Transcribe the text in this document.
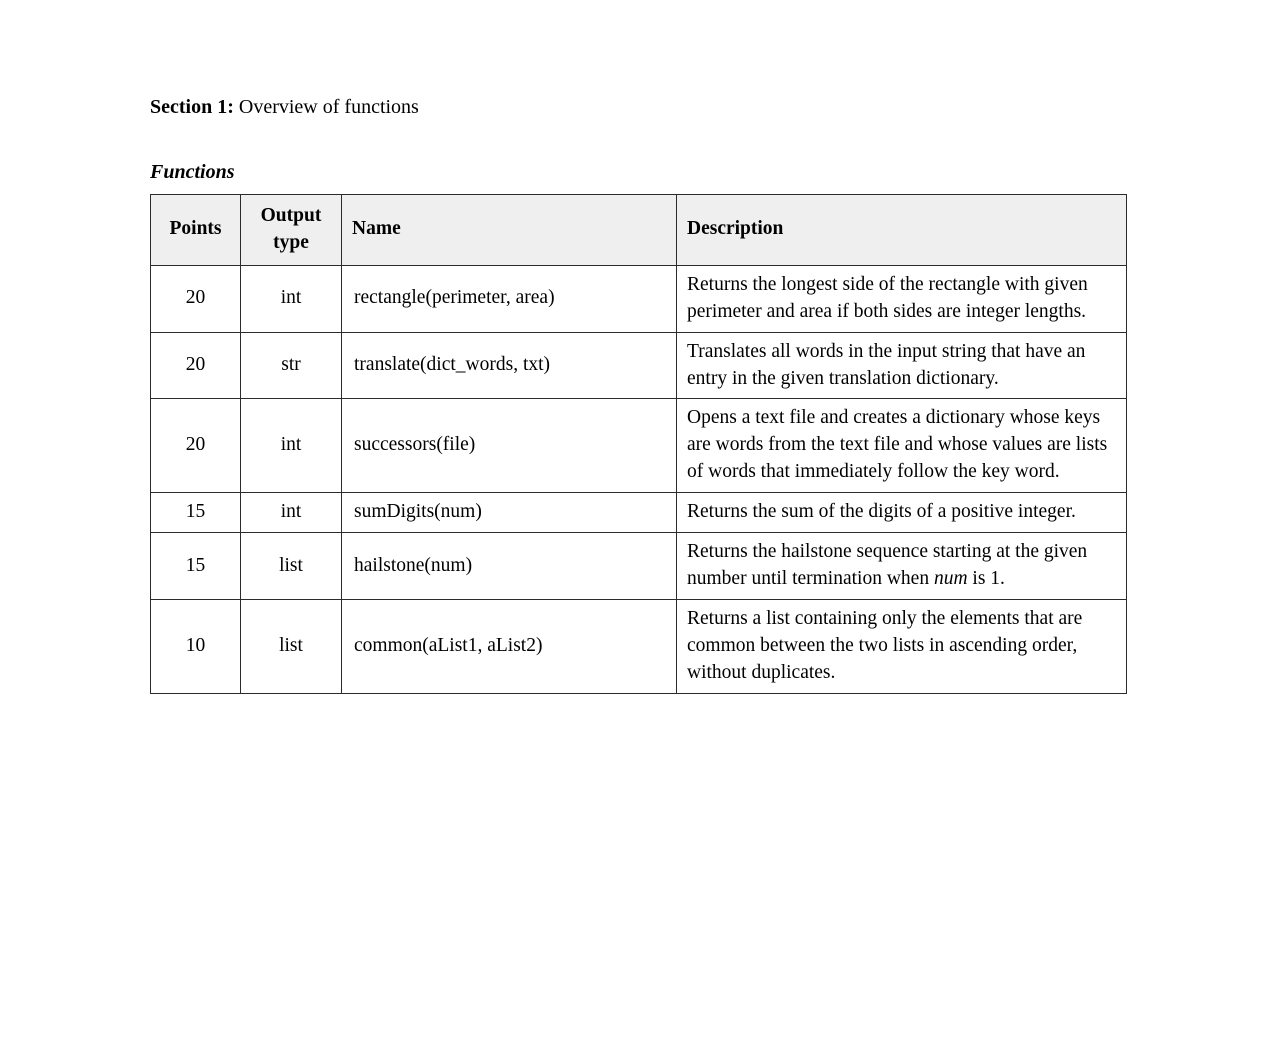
Section 1: Overview of functions

Functions

Points	Output type	Name	Description
20	int	rectangle(perimeter, area)	Returns the longest side of the rectangle with given perimeter and area if both sides are integer lengths.
20	str	translate(dict_words, txt)	Translates all words in the input string that have an entry in the given translation dictionary.
20	int	successors(file)	Opens a text file and creates a dictionary whose keys are words from the text file and whose values are lists of words that immediately follow the key word.
15	int	sumDigits(num)	Returns the sum of the digits of a positive integer.
15	list	hailstone(num)	Returns the hailstone sequence starting at the given number until termination when num is 1.
10	list	common(aList1, aList2)	Returns a list containing only the elements that are common between the two lists in ascending order, without duplicates.
